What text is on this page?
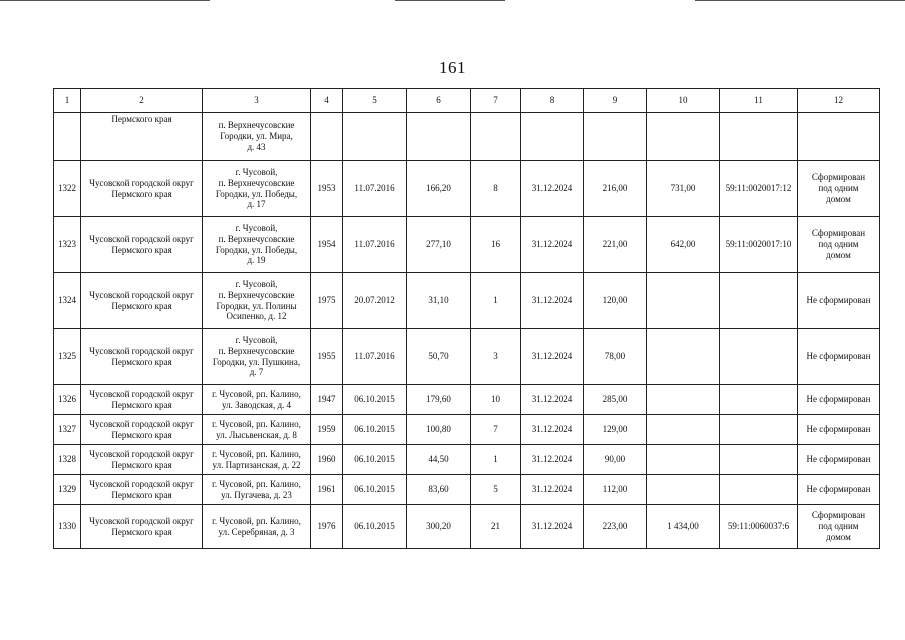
161
1	2	3	4	5	6	7	8	9	10	11	12
	Пермского края	п. Верхнечусовские
Городки, ул. Мира,
д. 43									
1322	Чусовской городской округ
Пермского края	г. Чусовой,
п. Верхнечусовские
Городки, ул. Победы,
д. 17	1953	11.07.2016	166,20	8	31.12.2024	216,00	731,00	59:11:0020017:12	Сформирован
под одним
домом
1323	Чусовской городской округ
Пермского края	г. Чусовой,
п. Верхнечусовские
Городки, ул. Победы,
д. 19	1954	11.07.2016	277,10	16	31.12.2024	221,00	642,00	59:11:0020017:10	Сформирован
под одним
домом
1324	Чусовской городской округ
Пермского края	г. Чусовой,
п. Верхнечусовские
Городки, ул. Полины
Осипенко, д. 12	1975	20.07.2012	31,10	1	31.12.2024	120,00			Не сформирован
1325	Чусовской городской округ
Пермского края	г. Чусовой,
п. Верхнечусовские
Городки, ул. Пушкина,
д. 7	1955	11.07.2016	50,70	3	31.12.2024	78,00			Не сформирован
1326	Чусовской городской округ
Пермского края	г. Чусовой, рп. Калино,
ул. Заводская, д. 4	1947	06.10.2015	179,60	10	31.12.2024	285,00			Не сформирован
1327	Чусовской городской округ
Пермского края	г. Чусовой, рп. Калино,
ул. Лысьвенская, д. 8	1959	06.10.2015	100,80	7	31.12.2024	129,00			Не сформирован
1328	Чусовской городской округ
Пермского края	г. Чусовой, рп. Калино,
ул. Партизанская, д. 22	1960	06.10.2015	44,50	1	31.12.2024	90,00			Не сформирован
1329	Чусовской городской округ
Пермского края	г. Чусовой, рп. Калино,
ул. Пугачева, д. 23	1961	06.10.2015	83,60	5	31.12.2024	112,00			Не сформирован
1330	Чусовской городской округ
Пермского края	г. Чусовой, рп. Калино,
ул. Серебряная, д. 3	1976	06.10.2015	300,20	21	31.12.2024	223,00	1 434,00	59:11:0060037:6	Сформирован
под одним
домом
